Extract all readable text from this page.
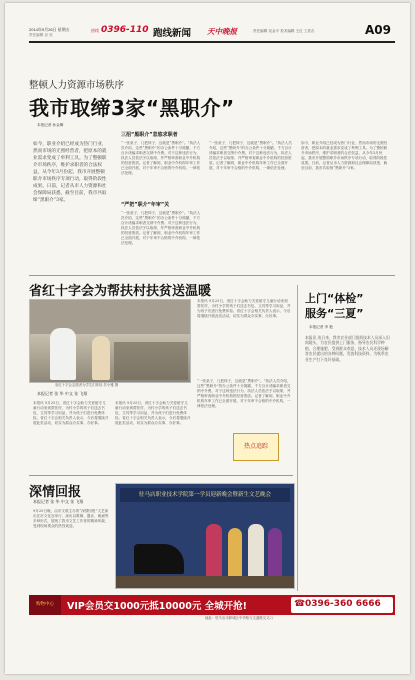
2014年9月26日 星期五
责任编辑 谷 亮
热线 0396-110 跑线新闻 天中晚报	责任编辑 吴金平 美术编辑 王红 工美吉	A09
整顿人力资源市场秩序
我市取缔3家“黑职介”
本报记者 孙金卿
如今，职业介绍已经成为热门行业，然而市场的无照经营者，把原本的就业需求变成了牟利工具。为了整顿职介市场秩序，维护求职者的合法权益，从今年3月份起，我市开展整顿职介市场秩序专项行动，取得阶段性成果。日前，记者从市人力资源和社会保障局获悉，截至目前，我市共取缔“黑职介”3家。
三招“黑职介”忽悠求职者
“一张桌子，几把椅子，这就是“黑职介”。”执法人员介绍，这些“黑职介”的办公条件十分简陋，千方百计诱骗求职者交纳中介费。对于这种违法行为，执法人员依法予以取缔，并严格审查职业中介机构的经营资质。记者了解到，职业中介机构年审工作已全面开展，对于年审不合格的中介机构，一律依法处理。
“严把”职介“年审”关
“一张桌子，几把椅子，这就是“黑职介”。”执法人员介绍，这些“黑职介”的办公条件十分简陋，千方百计诱骗求职者交纳中介费。对于这种违法行为，执法人员依法予以取缔，并严格审查职业中介机构的经营资质。记者了解到，职业中介机构年审工作已全面开展，对于年审不合格的中介机构，一律依法处理。
“一张桌子，几把椅子，这就是“黑职介”。”执法人员介绍，这些“黑职介”的办公条件十分简陋，千方百计诱骗求职者交纳中介费。对于这种违法行为，执法人员依法予以取缔，并严格审查职业中介机构的经营资质。记者了解到，职业中介机构年审工作已全面开展，对于年审不合格的中介机构，一律依法处理。
如今，职业介绍已经成为热门行业，然而市场的无照经营者，把原本的就业需求变成了牟利工具。为了整顿职介市场秩序，维护求职者的合法权益，从今年3月份起，我市开展整顿职介市场秩序专项行动，取得阶段性成果。日前，记者从市人力资源和社会保障局获悉，截至目前，我市共取缔“黑职介”3家。
省红十字会为帮扶村扶贫送温暖
省红十字会志愿者为学生们体检 苏小雅 摄
本报记者 张 华 中文 张 飞翔
本报讯 9月25日，省红十字会助力关爱留守儿童行动来到帮扶村，为村小学的孩子们送去书包、文具等学习用品，并为孩子们进行免费体检。省红十字会相关负责人表示，今后将继续开展此类活动，切实为群众办实事、办好事。
本报讯 9月25日，省红十字会助力关爱留守儿童行动来到帮扶村，为村小学的孩子们送去书包、文具等学习用品，并为孩子们进行免费体检。省红十字会相关负责人表示，今后将继续开展此类活动，切实为群众办实事、办好事。
本报讯 9月25日，省红十字会助力关爱留守儿童行动来到帮扶村，为村小学的孩子们送去书包、文具等学习用品，并为孩子们进行免费体检。省红十字会相关负责人表示，今后将继续开展此类活动，切实为群众办实事、办好事。
“一张桌子，几把椅子，这就是“黑职介”。”执法人员介绍，这些“黑职介”的办公条件十分简陋，千方百计诱骗求职者交纳中介费。对于这种违法行为，执法人员依法予以取缔，并严格审查职业中介机构的经营资质。记者了解到，职业中介机构年审工作已全面开展，对于年审不合格的中介机构，一律依法处理。
上门“体检”
服务“三夏”
本报记者 李 艳
本报讯 连日来，我市农业部门组织技术人员深入田间地头，为农民提供上门服务，指导农民科学种植、合理施肥，受到群众欢迎。技术人员还现场解答农民提出的各种问题，发放科技资料，为秋季农业生产打下良好基础。
深情回报
本报记者 张 华 中文 张 飞翔
9月25日晚，由市文联主办的“深情回报”文艺演出在市文化宫举行，演出以歌舞、器乐、朗诵等多种形式，展现了我市文艺工作者的精神风貌，受到现场观众的热烈欢迎。
驻马店职业技术学院第一学员迎新晚会暨新生文艺晚会
热点追踪
购物中心	VIP会员交1000元抵10000元 全城开抢!	☎ 0396-360 6666
地址：驻马店市驿城区中华路与交通路交叉口
